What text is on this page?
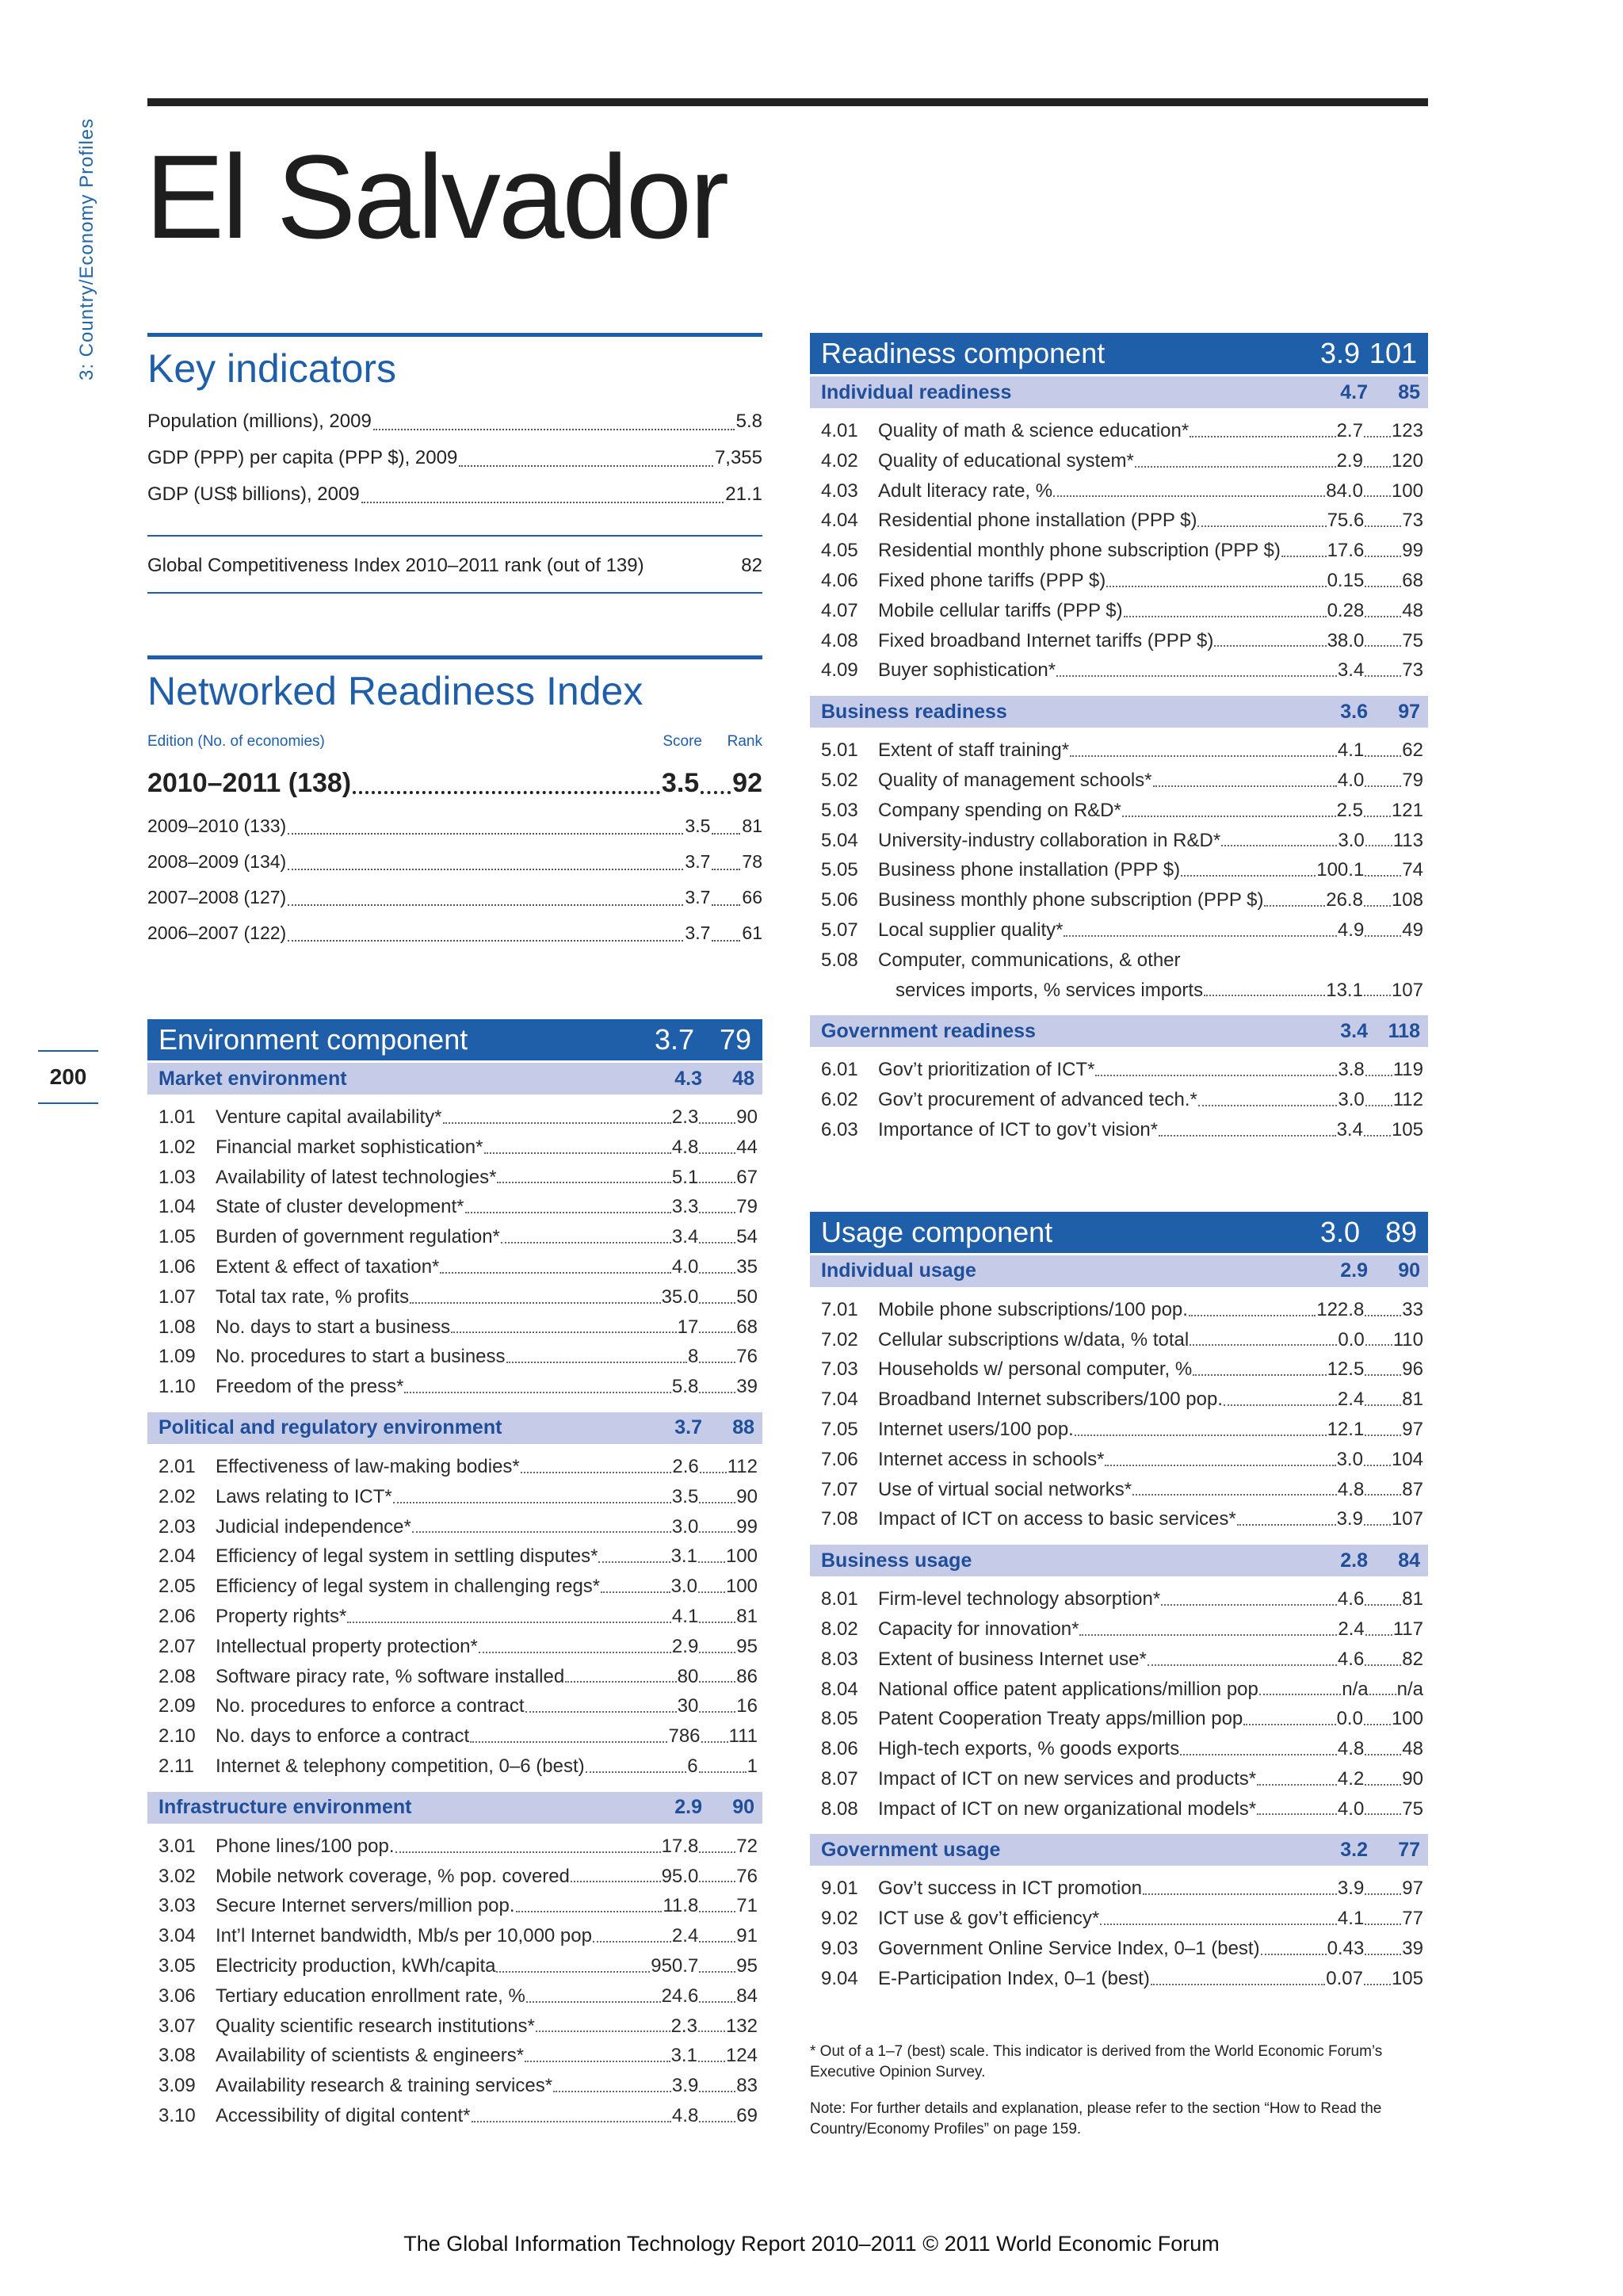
3: Country/Economy Profiles
200
El Salvador
Key indicators
Population (millions), 2009	5.8
GDP (PPP) per capita (PPP $), 2009	7,355
GDP (US$ billions), 2009	21.1
Global Competitiveness Index 2010–2011 rank (out of 139)	82
Networked Readiness Index
Edition (No. of economies)	Score	Rank
2010–2011 (138)	3.5 92
2009–2010 (133)	3.5 81
2008–2009 (134)	3.7 78
2007–2008 (127)	3.7 66
2006–2007 (122)	3.7 61
Environment component	3.7 79
Market environment	4.3	48
1.01	Venture capital availability*	2.3 90
1.02	Financial market sophistication*	4.8 44
1.03	Availability of latest technologies*	5.1 67
1.04	State of cluster development*	3.3 79
1.05	Burden of government regulation*	3.4 54
1.06	Extent & effect of taxation*	4.0 35
1.07	Total tax rate, % profits	35.0 50
1.08	No. days to start a business	17 68
1.09	No. procedures to start a business	8 76
1.10	Freedom of the press*	5.8 39
Political and regulatory environment	3.7	88
2.01	Effectiveness of law-making bodies*	2.6 112
2.02	Laws relating to ICT*	3.5 90
2.03	Judicial independence*	3.0 99
2.04	Efficiency of legal system in settling disputes*	3.1 100
2.05	Efficiency of legal system in challenging regs*	3.0 100
2.06	Property rights*	4.1 81
2.07	Intellectual property protection*	2.9 95
2.08	Software piracy rate, % software installed	80 86
2.09	No. procedures to enforce a contract	30 16
2.10	No. days to enforce a contract	786 111
2.11	Internet & telephony competition, 0–6 (best)	6	1
Infrastructure environment	2.9	90
3.01	Phone lines/100 pop.	17.8 72
3.02	Mobile network coverage, % pop. covered	95.0 76
3.03	Secure Internet servers/million pop.	11.8 71
3.04	Int’l Internet bandwidth, Mb/s per 10,000 pop	2.4 91
3.05	Electricity production, kWh/capita	950.7 95
3.06	Tertiary education enrollment rate, %	24.6 84
3.07	Quality scientific research institutions*	2.3 132
3.08	Availability of scientists & engineers*	3.1 124
3.09	Availability research & training services*	3.9 83
3.10	Accessibility of digital content*	4.8 69
Readiness component	3.9 101
Individual readiness	4.7	85
4.01	Quality of math & science education*	2.7 123
4.02	Quality of educational system*	2.9 120
4.03	Adult literacy rate, %	84.0 100
4.04	Residential phone installation (PPP $)	75.6 73
4.05	Residential monthly phone subscription (PPP $) 17.6 99
4.06	Fixed phone tariffs (PPP $)	0.15 68
4.07	Mobile cellular tariffs (PPP $)	0.28 48
4.08	Fixed broadband Internet tariffs (PPP $)	38.0 75
4.09	Buyer sophistication*	3.4 73
Business readiness	3.6	97
5.01	Extent of staff training*	4.1 62
5.02	Quality of management schools*	4.0 79
5.03	Company spending on R&D*	2.5 121
5.04	University-industry collaboration in R&D*	3.0 113
5.05	Business phone installation (PPP $)	100.1 74
5.06	Business monthly phone subscription (PPP $)	26.8 108
5.07	Local supplier quality*	4.9 49
5.08	Computer, communications, & other
services imports, % services imports	13.1 107
Government readiness	3.4	118
6.01	Gov’t prioritization of ICT*	3.8 119
6.02	Gov’t procurement of advanced tech.*	3.0 112
6.03	Importance of ICT to gov’t vision*	3.4 105
Usage component	3.0 89
Individual usage	2.9	90
7.01	Mobile phone subscriptions/100 pop.	122.8 33
7.02	Cellular subscriptions w/data, % total	0.0 110
7.03	Households w/ personal computer, %	12.5 96
7.04	Broadband Internet subscribers/100 pop.	2.4 81
7.05	Internet users/100 pop.	12.1 97
7.06	Internet access in schools*	3.0 104
7.07	Use of virtual social networks*	4.8 87
7.08	Impact of ICT on access to basic services*	3.9 107
Business usage	2.8	84
8.01	Firm-level technology absorption*	4.6 81
8.02	Capacity for innovation*	2.4 117
8.03	Extent of business Internet use*	4.6 82
8.04	National office patent applications/million pop	n/a n/a
8.05	Patent Cooperation Treaty apps/million pop	0.0 100
8.06	High-tech exports, % goods exports	4.8 48
8.07	Impact of ICT on new services and products*	4.2 90
8.08	Impact of ICT on new organizational models*	4.0 75
Government usage	3.2	77
9.01	Gov’t success in ICT promotion	3.9 97
9.02	ICT use & gov’t efficiency*	4.1 77
9.03	Government Online Service Index, 0–1 (best)	0.43 39
9.04	E-Participation Index, 0–1 (best)	0.07 105
* Out of a 1–7 (best) scale. This indicator is derived from the World Economic Forum’s Executive Opinion Survey.
Note: For further details and explanation, please refer to the section “How to Read the Country/Economy Profiles” on page 159.
The Global Information Technology Report 2010–2011 © 2011 World Economic Forum
